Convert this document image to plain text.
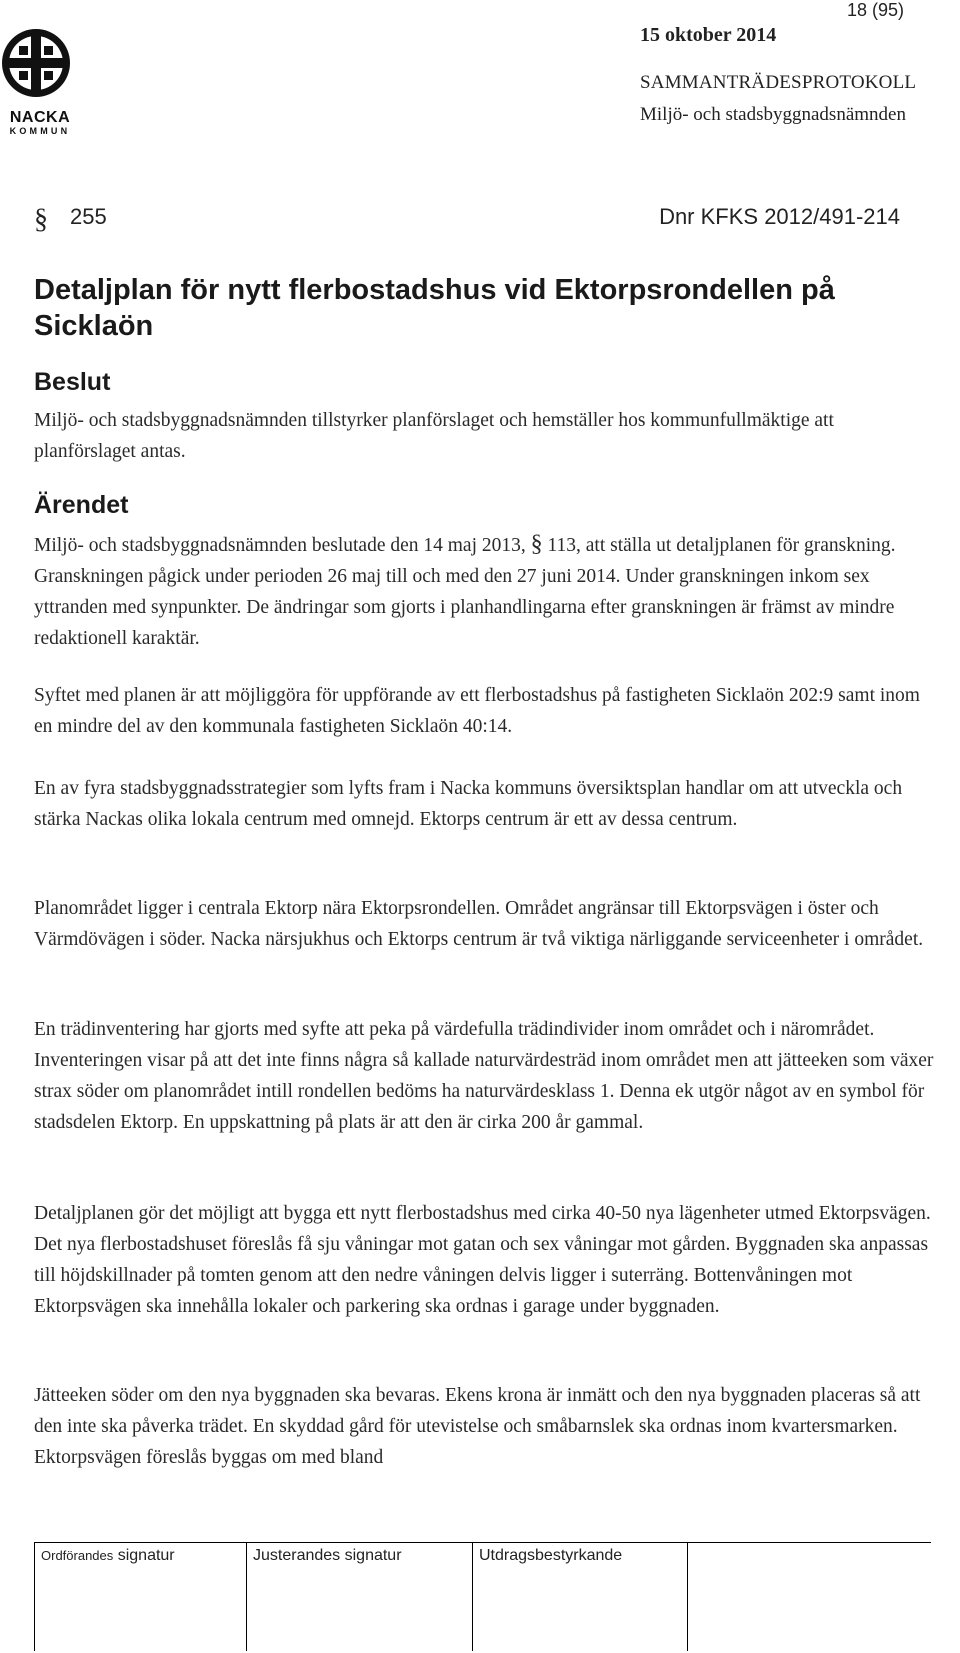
NACKA
KOMMUN
18 (95)
15 oktober 2014
SAMMANTRÄDESPROTOKOLL
Miljö- och stadsbyggnadsnämnden
§ 255	Dnr KFKS 2012/491-214
Detaljplan för nytt flerbostadshus vid Ektorpsrondellen på Sicklaön
Beslut

Miljö- och stadsbyggnadsnämnden tillstyrker planförslaget och hemställer hos kommunfullmäktige att planförslaget antas.

Ärendet

Miljö- och stadsbyggnadsnämnden beslutade den 14 maj 2013, § 113, att ställa ut detaljplanen för granskning. Granskningen pågick under perioden 26 maj till och med den 27 juni 2014. Under granskningen inkom sex yttranden med synpunkter. De ändringar som gjorts i planhandlingarna efter granskningen är främst av mindre redaktionell karaktär.

Syftet med planen är att möjliggöra för uppförande av ett flerbostadshus på fastigheten Sicklaön 202:9 samt inom en mindre del av den kommunala fastigheten Sicklaön 40:14.

En av fyra stadsbyggnadsstrategier som lyfts fram i Nacka kommuns översiktsplan handlar om att utveckla och stärka Nackas olika lokala centrum med omnejd. Ektorps centrum är ett av dessa centrum.

Planområdet ligger i centrala Ektorp nära Ektorpsrondellen. Området angränsar till Ektorpsvägen i öster och Värmdövägen i söder. Nacka närsjukhus och Ektorps centrum är två viktiga närliggande serviceenheter i området.

En trädinventering har gjorts med syfte att peka på värdefulla trädindivider inom området och i närområdet. Inventeringen visar på att det inte finns några så kallade naturvärdesträd inom området men att jätteeken som växer strax söder om planområdet intill rondellen bedöms ha naturvärdesklass 1. Denna ek utgör något av en symbol för stadsdelen Ektorp. En uppskattning på plats är att den är cirka 200 år gammal.

Detaljplanen gör det möjligt att bygga ett nytt flerbostadshus med cirka 40-50 nya lägenheter utmed Ektorpsvägen. Det nya flerbostadshuset föreslås få sju våningar mot gatan och sex våningar mot gården. Byggnaden ska anpassas till höjdskillnader på tomten genom att den nedre våningen delvis ligger i suterräng. Bottenvåningen mot Ektorpsvägen ska innehålla lokaler och parkering ska ordnas i garage under byggnaden.

Jätteeken söder om den nya byggnaden ska bevaras. Ekens krona är inmätt och den nya byggnaden placeras så att den inte ska påverka trädet. En skyddad gård för utevistelse och småbarnslek ska ordnas inom kvartersmarken. Ektorpsvägen föreslås byggas om med bland

Ordförandes signatur	Justerandes signatur	Utdragsbestyrkande
